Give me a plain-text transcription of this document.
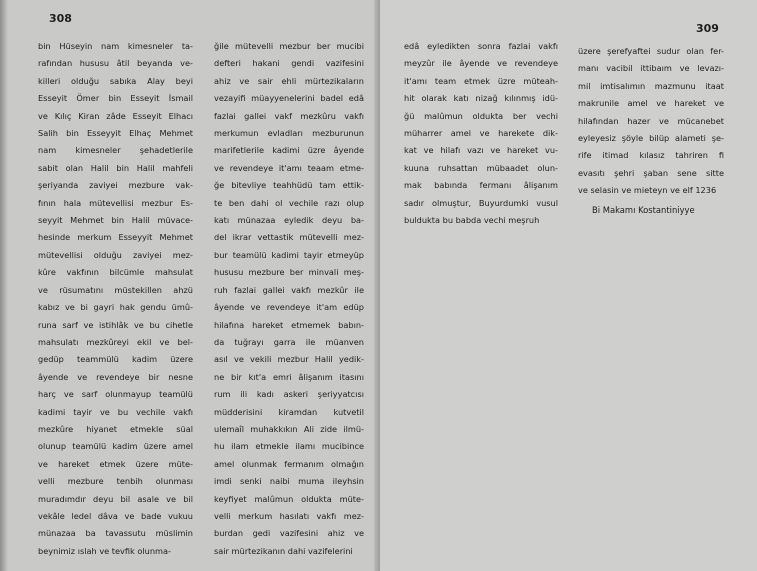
308
bin Hüseyin nam kimesneler ta-
rafından hususu âtil beyanda ve-
killeri olduğu sabıka Alay beyi
Esseyit Ömer bin Esseyit İsmail
ve Kılıç Kiran zâde Esseyit Elhacı
Salih bin Esseyyit Elhaç Mehmet
nam kimesneler şehadetlerile
sabit olan Halil bin Halil mahfeli
şeriyanda zaviyei mezbure vak-
fının hala mütevellisi mezbur Es-
seyyit Mehmet bin Halil müvace-
hesinde merkum Esseyyit Mehmet
mütevellisi olduğu zaviyei mez-
kûre vakfının bilcümle mahsulat
ve rüsumatını müstekillen ahzü
kabız ve bi gayri hak gendu ümû-
runa sarf ve istihlâk ve bu cihetle
mahsulatı mezkûreyi ekil ve bel-
gedüp teammülü kadim üzere
âyende ve revendeye bir nesne
harç ve sarf olunmayup teamülü
kadimi tayir ve bu vechile vakfı
mezkûre hiyanet etmekle süal
olunup teamülü kadim üzere amel
ve hareket etmek üzere müte-
velli mezbure tenbih olunması
muradımdır deyu bil asale ve bil
vekâle ledel dâva ve bade vukuu
münazaa ba tavassutu müslimin
beynimiz ıslah ve tevfik olunma-
ğile mütevelli mezbur ber mucibi
defteri hakani gendi vazifesini
ahiz ve sair ehli mürtezikaların
vezayifi müayyenelerini badel edâ
fazlai gallei vakf mezkûru vakfı
merkumun evladları mezburunun
marifetlerile kadimi üzre âyende
ve revendeye it'amı teaam etme-
ğe bitevliye teahhüdü tam ettik-
te ben dahi ol vechile razı olup
katı münazaa eyledik deyu ba-
del ikrar vettastik mütevelli mez-
bur teamülü kadimi tayir etmeyüp
hususu mezbure ber minvali meş-
ruh fazlai gallei vakfı mezkûr ile
âyende ve revendeye it'am edüp
hilafına hareket etmemek babın-
da tuğrayı garra ile müanven
asıl ve vekili mezbur Halil yedik-
ne bir kıt'a emri âlişanım itasını
rum ili kadı askeri şeriyyatcısı
müdderisini kiramdan kutvetil
ulemaîl muhakkıkın Ali zide ilmü-
hu ilam etmekle ilamı mucibince
amel olunmak fermanım olmağın
imdi senki naibi muma ileyhsin
keyfiyet malûmun oldukta müte-
velli merkum hasılatı vakfı mez-
burdan gedi vazifesini ahiz ve
sair mürtezikanın dahi vazifelerini
309
edâ eyledikten sonra fazlai vakfı
meyzûr ile âyende ve revendeye
it'amı team etmek üzre müteah-
hit olarak katı nizağ kılınmış idü-
ğü malûmun oldukta ber vechi
müharrer amel ve harekete dik-
kat ve hilafı vazı ve hareket vu-
kuuna ruhsattan mübaadet olun-
mak babında fermanı âlişanım
sadır olmuştur, Buyurdumki vusul
buldukta bu babda vechi meşruh
üzere şerefyaftei sudur olan fer-
manı vacibil ittibaım ve levazı-
mil imtisalımın mazmunu itaat
makrunile amel ve hareket ve
hilafından hazer ve mücanebet
eyleyesiz şöyle bilüp alameti şe-
rife itimad kılasız tahriren fi
evasıtı şehri şaban sene sitte
ve selasin ve mieteyn ve elf 1236
Bi Makamı Kostantiniyye
